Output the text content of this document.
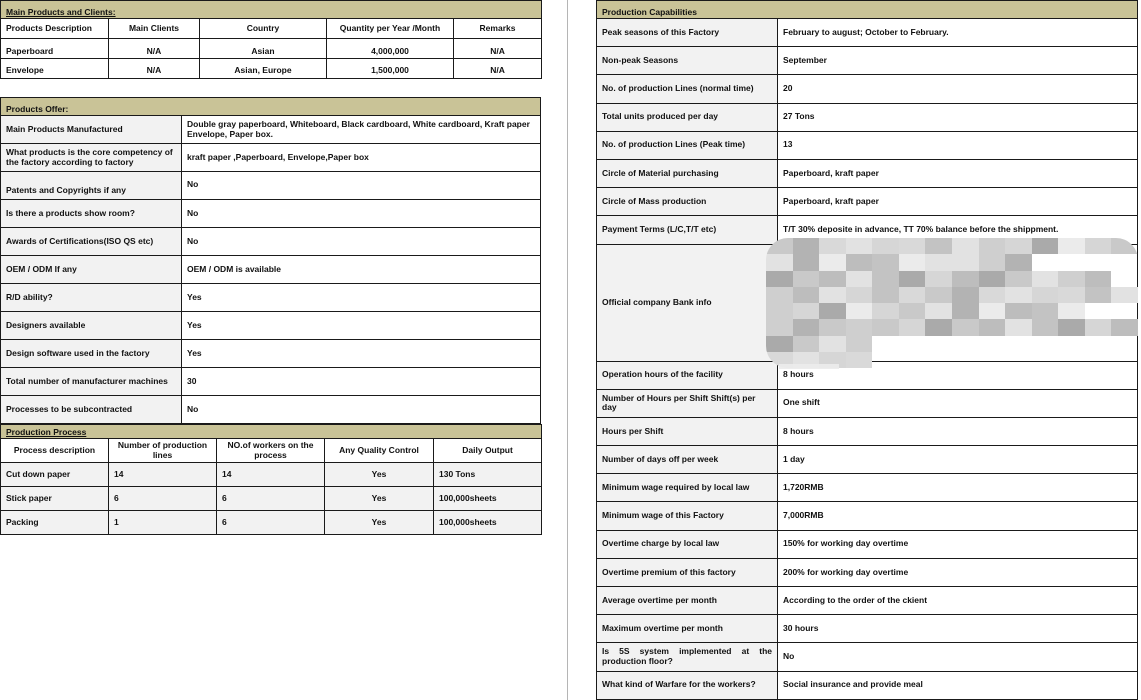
Main Products and Clients:				
Products Description	Main Clients	Country	Quantity per Year /Month	Remarks
Paperboard	N/A	Asian	4,000,000	N/A
Envelope	N/A	Asian, Europe	1,500,000	N/A
Products Offer:	
Main Products Manufactured	Double gray paperboard, Whiteboard, Black cardboard, White cardboard, Kraft paper Envelope, Paper box.
What products is the core competency of the factory according to factory	kraft paper ,Paperboard, Envelope,Paper box
Patents and Copyrights if any	No
Is there a products show room?	No
Awards of Certifications(ISO QS etc)	No
OEM / ODM If any	OEM / ODM is available
R/D ability?	Yes
Designers available	Yes
Design software used in the factory	Yes
Total number of manufacturer machines	30
Processes to be subcontracted	No
Production Process				
Process description	Number of production lines	NO.of workers on the process	Any Quality Control	Daily Output
Cut down paper	14	14	Yes	130 Tons
Stick paper	6	6	Yes	100,000sheets
Packing	1	6	Yes	100,000sheets
Production Capabilities	
Peak seasons of this Factory	February to august; October to February.
Non-peak Seasons	September
No. of production Lines (normal time)	20
Total units produced per day	27 Tons
No. of production Lines (Peak time)	13
Circle of Material purchasing	Paperboard, kraft paper
Circle of Mass production	Paperboard, kraft paper
Payment Terms (L/C,T/T etc)	T/T 30% deposite in advance, TT 70% balance before the shippment.
Official company Bank info	
Operation hours of the facility	8 hours
Number of Hours per Shift Shift(s) per day	One shift
Hours per Shift	8 hours
Number of days off per week	1 day
Minimum wage required by local law	1,720RMB
Minimum wage of this Factory	7,000RMB
Overtime charge by local law	150% for working day overtime
Overtime premium of this factory	200% for working day overtime
Average overtime per month	According to the order of the ckient
Maximum overtime per month	30 hours
Is 5S system implemented at the production floor?	No
What kind of Warfare for the workers?	Social insurance and provide meal
